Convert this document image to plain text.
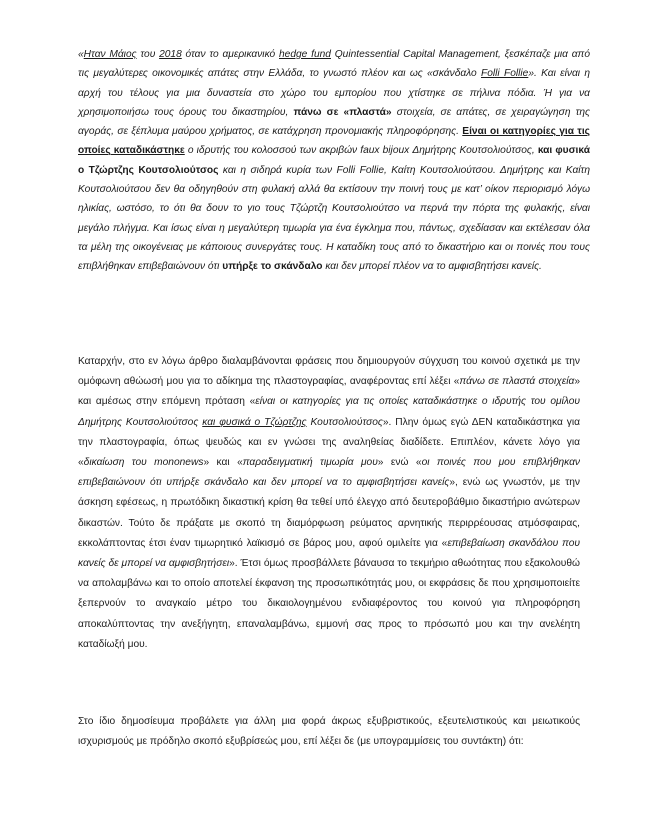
«Ηταν Μάιος του 2018 όταν το αμερικανικό hedge fund Quintessential Capital Management, ξεσκέπαζε μια από τις μεγαλύτερες οικονομικές απάτες στην Ελλάδα, το γνωστό πλέον και ως «σκάνδαλο Folli Follie». Και είναι η αρχή του τέλους για μια δυναστεία στο χώρο του εμπορίου που χτίστηκε σε πήλινα πόδια. Ή για να χρησιμοποιήσω τους όρους του δικαστηρίου, πάνω σε «πλαστά» στοιχεία, σε απάτες, σε χειραγώγηση της αγοράς, σε ξέπλυμα μαύρου χρήματος, σε κατάχρηση προνομιακής πληροφόρησης. Είναι οι κατηγορίες για τις οποίες καταδικάστηκε ο ιδρυτής του κολοσσού των ακριβών faux bijoux Δημήτρης Κουτσολιούτσος, και φυσικά ο Τζώρτζης Κουτσολιούτσος και η σιδηρά κυρία των Folli Follie, Καίτη Κουτσολιούτσου. Δημήτρης και Καίτη Κουτσολιούτσου δεν θα οδηγηθούν στη φυλακή αλλά θα εκτίσουν την ποινή τους με κατ’ οίκον περιορισμό λόγω ηλικίας, ωστόσο, το ότι θα δουν το γιο τους Τζώρτζη Κουτσολιούτσο να περνά την πόρτα της φυλακής, είναι μεγάλο πλήγμα. Και ίσως είναι η μεγαλύτερη τιμωρία για ένα έγκλημα που, πάντως, σχεδίασαν και εκτέλεσαν όλα τα μέλη της οικογένειας με κάποιους συνεργάτες τους. Η καταδίκη τους από το δικαστήριο και οι ποινές που τους επιβλήθηκαν επιβεβαιώνουν ότι υπήρξε το σκάνδαλο και δεν μπορεί πλέον να το αμφισβητήσει κανείς.

Καταρχήν, στο εν λόγω άρθρο διαλαμβάνονται φράσεις που δημιουργούν σύγχυση του κοινού σχετικά με την ομόφωνη αθώωσή μου για το αδίκημα της πλαστογραφίας, αναφέροντας επί λέξει «πάνω σε πλαστά στοιχεία» και αμέσως στην επόμενη πρόταση «είναι οι κατηγορίες για τις οποίες καταδικάστηκε ο ιδρυτής του ομίλου Δημήτρης Κουτσολιούτσος και φυσικά ο Τζώρτζης Κουτσολιούτσος». Πλην όμως εγώ ΔΕΝ καταδικάστηκα για την πλαστογραφία, όπως ψευδώς και εν γνώσει της αναληθείας διαδίδετε. Επιπλέον, κάνετε λόγο για «δικαίωση του mononews» και «παραδειγματική τιμωρία μου» ενώ «οι ποινές που μου επιβλήθηκαν επιβεβαιώνουν ότι υπήρξε σκάνδαλο και δεν μπορεί να το αμφισβητήσει κανείς», ενώ ως γνωστόν, με την άσκηση εφέσεως, η πρωτόδικη δικαστική κρίση θα τεθεί υπό έλεγχο από δευτεροβάθμιο δικαστήριο ανώτερων δικαστών. Τούτο δε πράξατε με σκοπό τη διαμόρφωση ρεύματος αρνητικής περιρρέουσας ατμόσφαιρας, εκκολάπτοντας έτσι έναν τιμωρητικό λαϊκισμό σε βάρος μου, αφού ομιλείτε για «επιβεβαίωση σκανδάλου που κανείς δε μπορεί να αμφισβητήσει». Έτσι όμως προσβάλλετε βάναυσα το τεκμήριο αθωότητας που εξακολουθώ να απολαμβάνω και το οποίο αποτελεί έκφανση της προσωπικότητάς μου, οι εκφράσεις δε που χρησιμοποιείτε ξεπερνούν το αναγκαίο μέτρο του δικαιολογημένου ενδιαφέροντος του κοινού για πληροφόρηση αποκαλύπτοντας την ανεξήγητη, επαναλαμβάνω, εμμονή σας προς το πρόσωπό μου και την ανελέητη καταδίωξή μου.

Στο ίδιο δημοσίευμα προβάλετε για άλλη μια φορά άκρως εξυβριστικούς, εξευτελιστικούς και μειωτικούς ισχυρισμούς με πρόδηλο σκοπό εξυβρίσεώς μου, επί λέξει δε (με υπογραμμίσεις του συντάκτη) ότι:
